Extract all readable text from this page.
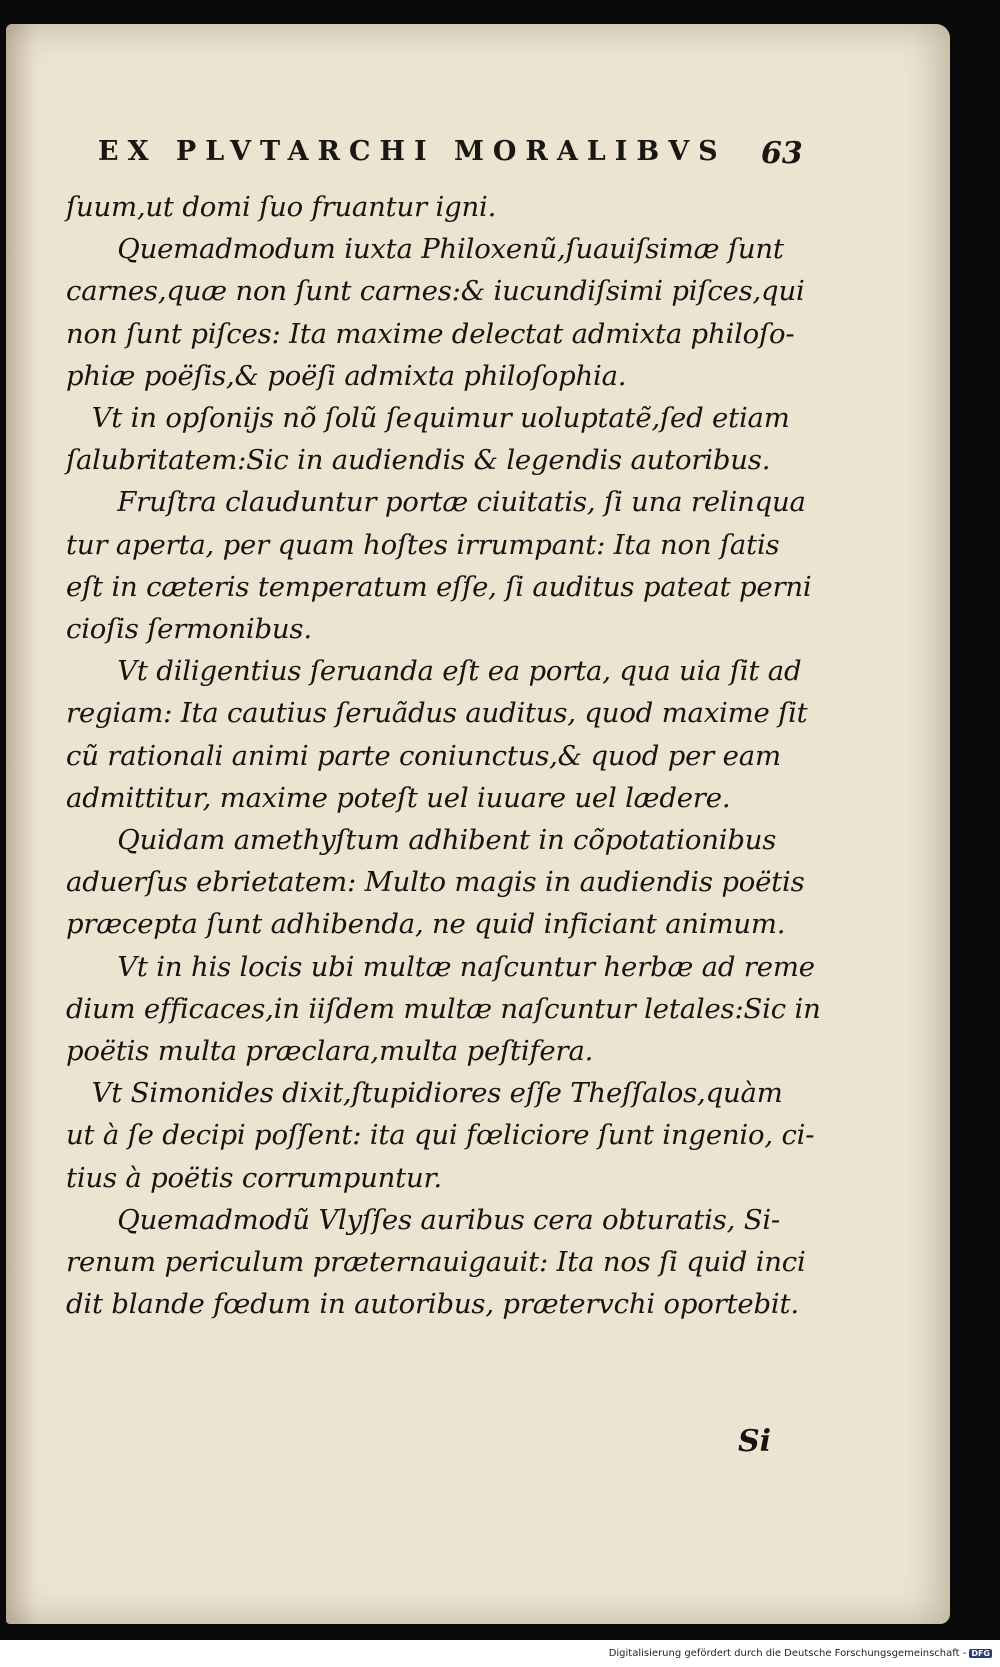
EX PLVTARCHI MORALIBVS	63
ſuum,ut domi ſuo fruantur igni.
Quemadmodum iuxta Philoxenũ,ſuauiſsimæ ſunt
carnes,quæ non ſunt carnes:& iucundiſsimi piſces,qui
non ſunt piſces: Ita maxime delectat admixta philoſo-
phiæ poëſis,& poëſi admixta philoſophia.
Vt in opſonijs nõ ſolũ ſequimur uoluptatẽ,ſed etiam
ſalubritatem:Sic in audiendis & legendis autoribus.
Fruſtra clauduntur portæ ciuitatis, ſi una relinqua
tur aperta, per quam hoſtes irrumpant: Ita non ſatis
eſt in cæteris temperatum eſſe, ſi auditus pateat perni
cioſis ſermonibus.
Vt diligentius ſeruanda eſt ea porta, qua uia ſit ad
regiam: Ita cautius ſeruãdus auditus, quod maxime ſit
cũ rationali animi parte coniunctus,& quod per eam
admittitur, maxime poteſt uel iuuare uel lædere.
Quidam amethyſtum adhibent in cõpotationibus
aduerſus ebrietatem: Multo magis in audiendis poëtis
præcepta ſunt adhibenda, ne quid inficiant animum.
Vt in his locis ubi multæ naſcuntur herbæ ad reme
dium efficaces,in iiſdem multæ naſcuntur letales:Sic in
poëtis multa præclara,multa peſtifera.
Vt Simonides dixit,ſtupidiores eſſe Theſſalos,quàm
ut à ſe decipi poſſent: ita qui fœliciore ſunt ingenio, ci-
tius à poëtis corrumpuntur.
Quemadmodũ Vlyſſes auribus cera obturatis, Si-
renum periculum præternauigauit: Ita nos ſi quid inci
dit blande fœdum in autoribus, prætervchi oportebit.
Si
Digitalisierung gefördert durch die Deutsche Forschungsgemeinschaft - DFG
